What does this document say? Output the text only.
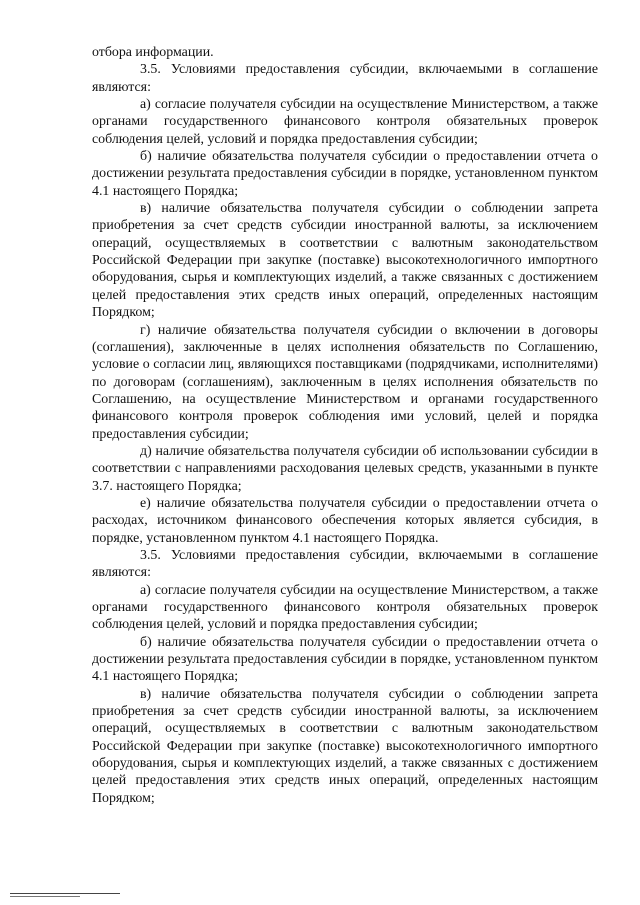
отбора информации.

3.5. Условиями предоставления субсидии, включаемыми в соглашение являются:

а) согласие получателя субсидии на осуществление Министерством, а также органами государственного финансового контроля обязательных проверок соблюдения целей, условий и порядка предоставления субсидии;

б) наличие обязательства получателя субсидии о предоставлении отчета о достижении результата предоставления субсидии в порядке, установленном пунктом 4.1 настоящего Порядка;

в) наличие обязательства получателя субсидии о соблюдении запрета приобретения за счет средств субсидии иностранной валюты, за исключением операций, осуществляемых в соответствии с валютным законодательством Российской Федерации при закупке (поставке) высокотехнологичного импортного оборудования, сырья и комплектующих изделий, а также связанных с достижением целей предоставления этих средств иных операций, определенных настоящим Порядком;

г) наличие обязательства получателя субсидии о включении в договоры (соглашения), заключенные в целях исполнения обязательств по Соглашению, условие о согласии лиц, являющихся поставщиками (подрядчиками, исполнителями) по договорам (соглашениям), заключенным в целях исполнения обязательств по Соглашению, на осуществление Министерством и органами государственного финансового контроля проверок соблюдения ими условий, целей и порядка предоставления субсидии;

д) наличие обязательства получателя субсидии об использовании субсидии в соответствии с направлениями расходования целевых средств, указанными в пункте 3.7. настоящего Порядка;

е) наличие обязательства получателя субсидии о предоставлении отчета о расходах, источником финансового обеспечения которых является субсидия, в порядке, установленном пунктом 4.1 настоящего Порядка.

3.5. Условиями предоставления субсидии, включаемыми в соглашение являются:

а) согласие получателя субсидии на осуществление Министерством, а также органами государственного финансового контроля обязательных проверок соблюдения целей, условий и порядка предоставления субсидии;

б) наличие обязательства получателя субсидии о предоставлении отчета о достижении результата предоставления субсидии в порядке, установленном пунктом 4.1 настоящего Порядка;

в) наличие обязательства получателя субсидии о соблюдении запрета приобретения за счет средств субсидии иностранной валюты, за исключением операций, осуществляемых в соответствии с валютным законодательством Российской Федерации при закупке (поставке) высокотехнологичного импортного оборудования, сырья и комплектующих изделий, а также связанных с достижением целей предоставления этих средств иных операций, определенных настоящим Порядком;
